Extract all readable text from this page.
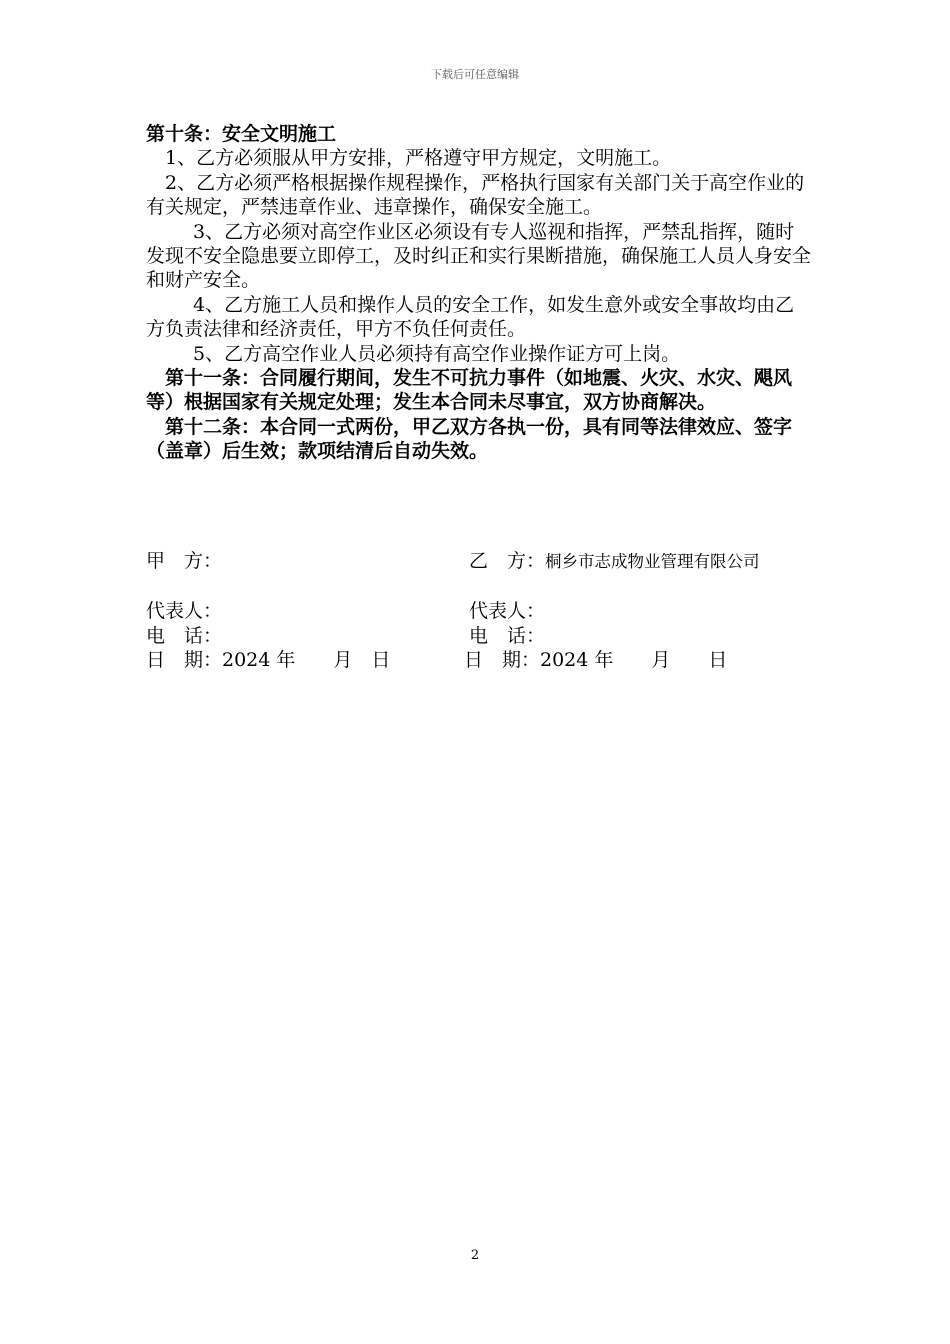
下载后可任意编辑

第十条：安全文明施工

1、乙方必须服从甲方安排，严格遵守甲方规定，文明施工。

2、乙方必须严格根据操作规程操作，严格执行国家有关部门关于高空作业的有关规定，严禁违章作业、违章操作，确保安全施工。

3、乙方必须对高空作业区必须设有专人巡视和指挥，严禁乱指挥，随时发现不安全隐患要立即停工，及时纠正和实行果断措施，确保施工人员人身安全和财产安全。

4、乙方施工人员和操作人员的安全工作，如发生意外或安全事故均由乙方负责法律和经济责任，甲方不负任何责任。

5、乙方高空作业人员必须持有高空作业操作证方可上岗。

第十一条：合同履行期间，发生不可抗力事件（如地震、火灾、水灾、飓风等）根据国家有关规定处理；发生本合同未尽事宜，双方协商解决。

第十二条：本合同一式两份，甲乙双方各执一份，具有同等法律效应、签字（盖章）后生效；款项结清后自动失效。

甲　方：	乙　方：桐乡市志成物业管理有限公司
代表人：	代表人：
电　话：	电　话：
日　期：2024 年　　月　日	日　期：2024 年　　月　　日
2
